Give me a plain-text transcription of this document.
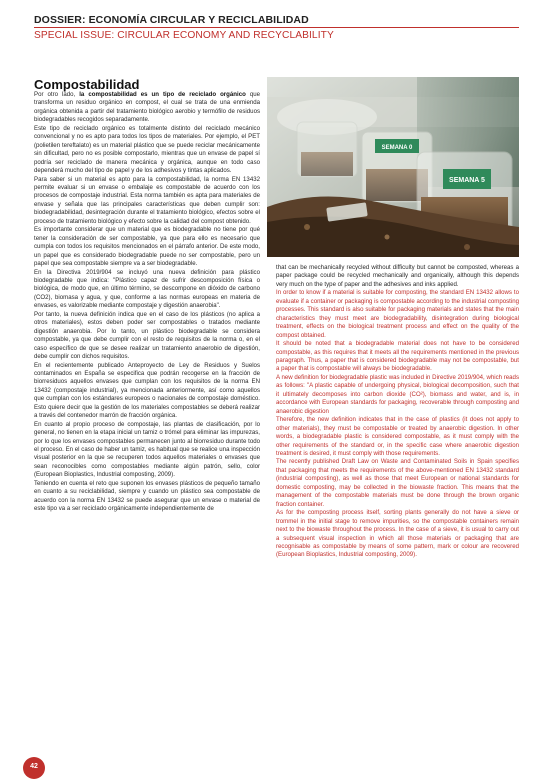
DOSSIER: ECONOMÍA CIRCULAR Y RECICLABILIDAD
SPECIAL ISSUE: CIRCULAR ECONOMY AND RECYCLABILITY
Compostabilidad

Por otro lado, la compostabilidad es un tipo de reciclado orgánico que transforma un residuo orgánico en compost, el cual se trata de una enmienda orgánica obtenida a partir del tratamiento biológico aerobio y termófilo de residuos biodegradables recogidos separadamente.

Este tipo de reciclado orgánico es totalmente distinto del reciclado mecánico convencional y no es apto para todos los tipos de materiales. Por ejemplo, el PET (polietilen tereftalato) es un material plástico que se puede reciclar mecánicamente sin dificultad, pero no es posible compostarlo, mientras que un envase de papel sí podría ser reciclado de manera mecánica y orgánica, aunque en todo caso dependerá mucho del tipo de papel y de los adhesivos y tintas aplicados.

Para saber si un material es apto para la compostabilidad, la norma EN 13432 permite evaluar si un envase o embalaje es compostable de acuerdo con los procesos de compostaje industrial. Esta norma también es apta para materiales de envase y señala que las principales características que deben cumplir son: biodegradabilidad, desintegración durante el tratamiento biológico, efectos sobre el proceso de tratamiento biológico y efecto sobre la calidad del compost obtenido.

Es importante considerar que un material que es biodegradable no tiene por qué tener la consideración de ser compostable, ya que para ello es necesario que cumpla con todos los requisitos mencionados en el párrafo anterior. De este modo, un papel que es considerado biodegradable puede no ser compostable, pero un papel que sea compostable siempre va a ser biodegradable.

En la Directiva 2019/904 se incluyó una nueva definición para plástico biodegradable que indica: "Plástico capaz de sufrir descomposición física o biológica, de modo que, en último término, se descompone en dióxido de carbono (CO2), biomasa y agua, y que, conforme a las normas europeas en materia de envases, es valorizable mediante compostaje y digestión anaerobia".

Por tanto, la nueva definición indica que en el caso de los plásticos (no aplica a otros materiales), estos deben poder ser compostables o tratados mediante digestión anaerobia. Por lo tanto, un plástico biodegradable se considera compostable, ya que debe cumplir con el resto de requisitos de la norma o, en el caso específico de que se desee realizar un tratamiento anaerobio de digestión, debe cumplir con dichos requisitos.

En el recientemente publicado Anteproyecto de Ley de Residuos y Suelos contaminados en España se especifica que podrán recogerse en la fracción de biorresiduos aquellos envases que cumplan con los requisitos de la norma EN 13432 (compostaje industrial), ya mencionada anteriormente, así como aquellos que cumplan con los estándares europeos o nacionales de compostaje doméstico. Esto quiere decir que la gestión de los materiales compostables se deberá realizar a través del contenedor marrón de fracción orgánica.

En cuanto al propio proceso de compostaje, las plantas de clasificación, por lo general, no tienen en la etapa inicial un tamiz o trómel para eliminar las impurezas, por lo que los envases compostables permanecen junto al biorresiduo durante todo el proceso. En el caso de haber un tamiz, es habitual que se realice una inspección visual posterior en la que se recuperen todos aquellos materiales o envases que sean reconocibles como compostables mediante algún patrón, sello, color (European Bioplastics, Industrial composting, 2009).

Teniendo en cuenta el reto que suponen los envases plásticos de pequeño tamaño en cuanto a su reciclabilidad, siempre y cuando un plástico sea compostable de acuerdo con la norma EN 13432 se puede asegurar que un envase o material de este tipo va a ser reciclado orgánicamente independientemente de

SEMANA 0
SEMANA 5

that can be mechanically recycled without difficulty but cannot be composted, whereas a paper package could be recycled mechanically and organically, although this depends very much on the type of paper and the adhesives and inks applied.

In order to know if a material is suitable for composting, the standard EN 13432 allows to evaluate if a container or packaging is compostable according to the industrial composting processes. This standard is also suitable for packaging materials and states that the main characteristics they must meet are biodegradability, disintegration during biological treatment, effects on the biological treatment process and effect on the quality of the compost obtained.

It should be noted that a biodegradable material does not have to be considered compostable, as this requires that it meets all the requirements mentioned in the previous paragraph. Thus, a paper that is considered biodegradable may not be compostable, but a paper that is compostable will always be biodegradable.

A new definition for biodegradable plastic was included in Directive 2019/904, which reads as follows: "A plastic capable of undergoing physical, biological decomposition, such that it ultimately decomposes into carbon dioxide (CO²), biomass and water, and is, in accordance with European standards for packaging, recoverable through composting and anaerobic digestion

Therefore, the new definition indicates that in the case of plastics (it does not apply to other materials), they must be compostable or treated by anaerobic digestion. In other words, a biodegradable plastic is considered compostable, as it must comply with the other requirements of the standard or, in the specific case where anaerobic digestion treatment is desired, it must comply with those requirements.

The recently published Draft Law on Waste and Contaminated Soils in Spain specifies that packaging that meets the requirements of the above-mentioned EN 13432 standard (industrial composting), as well as those that meet European or national standards for domestic composting, may be collected in the biowaste fraction. This means that the management of the compostable materials must be done through the brown organic fraction container.

As for the composting process itself, sorting plants generally do not have a sieve or trommel in the initial stage to remove impurities, so the compostable containers remain next to the biowaste throughout the process. In the case of a sieve, it is usual to carry out a subsequent visual inspection in which all those materials or packaging that are recognisable as compostable by means of some pattern, mark or colour are recovered (European Bioplastics, Industrial composting, 2009).

42
